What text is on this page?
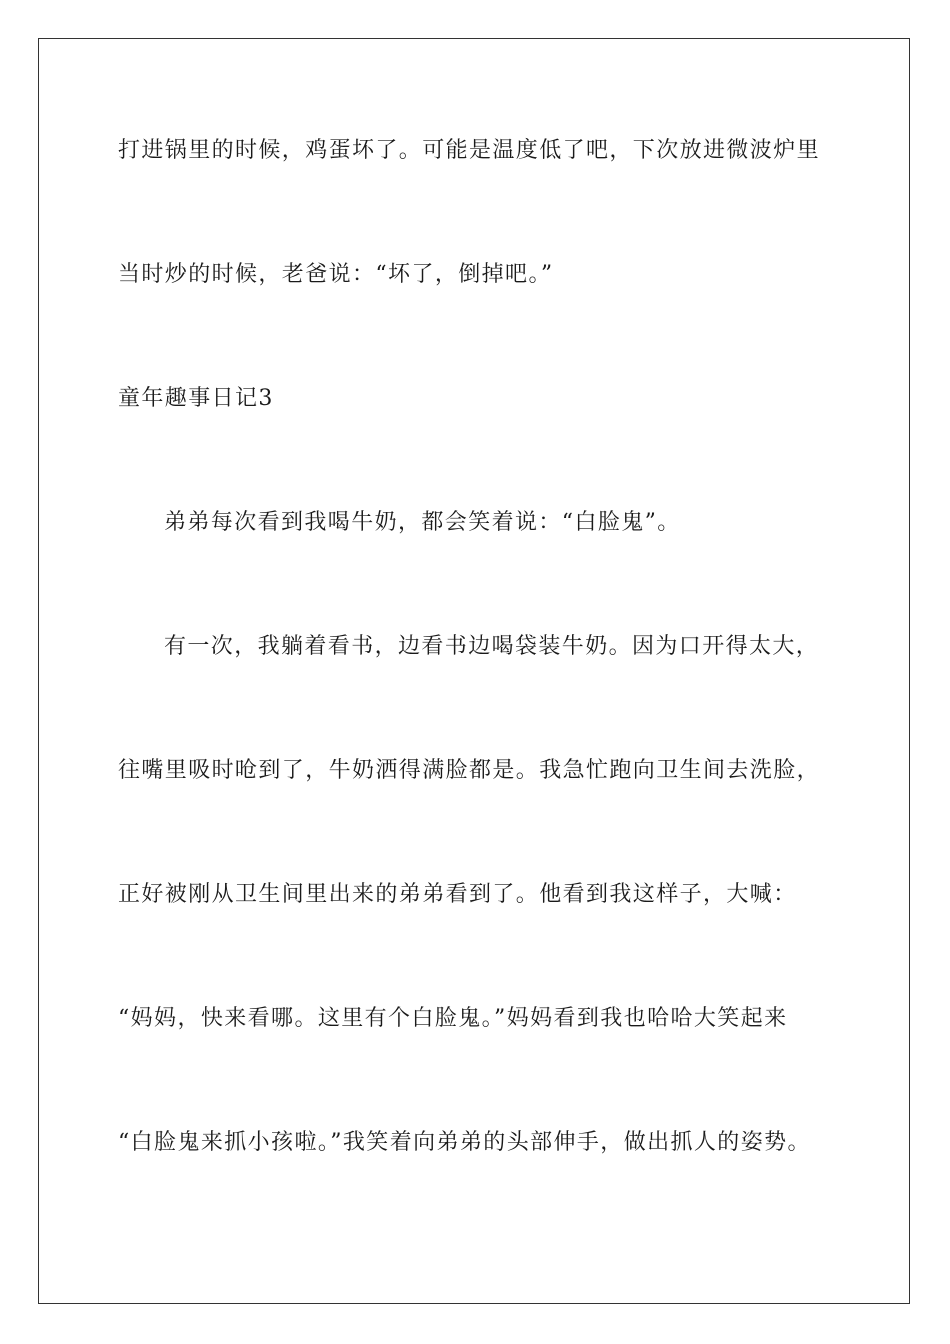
打进锅里的时候，鸡蛋坏了。可能是温度低了吧，下次放进微波炉里
当时炒的时候，老爸说：“坏了，倒掉吧。”
童年趣事日记3
弟弟每次看到我喝牛奶，都会笑着说：“白脸鬼”。
有一次，我躺着看书，边看书边喝袋装牛奶。因为口开得太大，
往嘴里吸时呛到了，牛奶洒得满脸都是。我急忙跑向卫生间去洗脸，
正好被刚从卫生间里出来的弟弟看到了。他看到我这样子，大喊：
“妈妈，快来看哪。这里有个白脸鬼。”妈妈看到我也哈哈大笑起来
“白脸鬼来抓小孩啦。”我笑着向弟弟的头部伸手，做出抓人的姿势。
